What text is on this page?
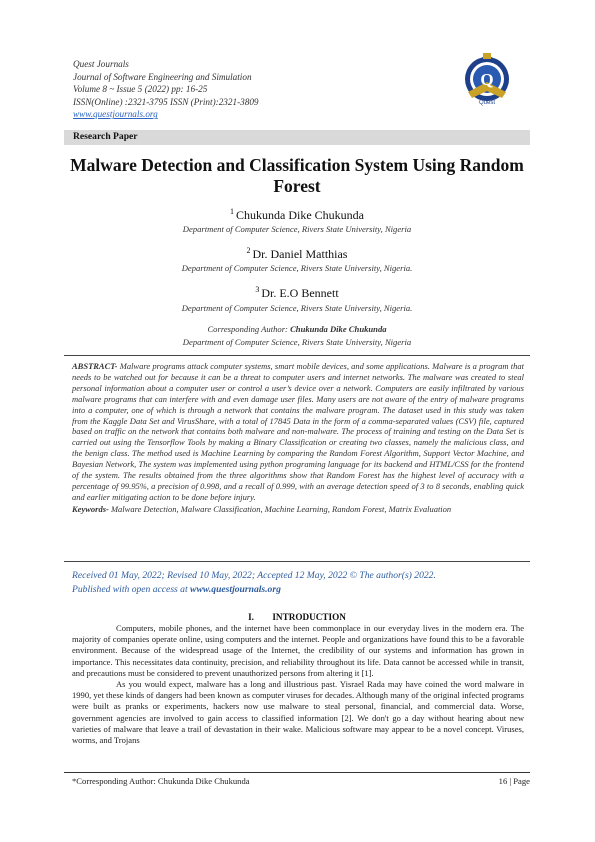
Quest Journals
Journal of Software Engineering and Simulation
Volume 8 ~ Issue 5 (2022) pp: 16-25
ISSN(Online) :2321-3795 ISSN (Print):2321-3809
www.questjournals.org
Q
Quest
Research Paper
Malware Detection and Classification System Using Random Forest
$^1$ Chukunda Dike Chukunda
Department of Computer Science, Rivers State University, Nigeria
$^2$ Dr. Daniel Matthias
Department of Computer Science, Rivers State University, Nigeria.
$^3$ Dr. E.O Bennett
Department of Computer Science, Rivers State University, Nigeria.
Corresponding Author: Chukunda Dike Chukunda
Department of Computer Science, Rivers State University, Nigeria
ABSTRACT- Malware programs attack computer systems, smart mobile devices, and some applications. Malware is a program that needs to be watched out for because it can be a threat to computer users and internet networks. The malware was created to steal personal information about a computer user or control a user’s device over a network. Computers are easily infiltrated by various malware programs that can interfere with and even damage user files. Many users are not aware of the entry of malware programs into a computer, one of which is through a network that contains the malware program. The dataset used in this study was taken from the Kaggle Data Set and VirusShare, with a total of 17845 Data in the form of a comma-separated values (CSV) file, captured based on traffic on the network that contains both malware and non-malware. The process of training and testing on the Data Set is carried out using the Tensorflow Tools by making a Binary Classification or creating two classes, namely the malicious class, and the benign class. The method used is Machine Learning by comparing the Random Forest Algorithm, Support Vector Machine, and Bayesian Network, The system was implemented using python programing language for its backend and HTML/CSS for the frontend of the system. The results obtained from the three algorithms show that Random Forest has the highest level of accuracy with a percentage of 99.95%, a precision of 0.998, and a recall of 0.999, with an average detection speed of 3 to 8 seconds, enabling quick and earlier mitigating action to be done before injury.
Keywords- Malware Detection, Malware Classification, Machine Learning, Random Forest, Matrix Evaluation
Received 01 May, 2022; Revised 10 May, 2022; Accepted 12 May, 2022 © The author(s) 2022.
Published with open access at www.questjournals.org
I. INTRODUCTION

Computers, mobile phones, and the internet have been commonplace in our everyday lives in the modern era. The majority of companies operate online, using computers and the internet. People and organizations have found this to be a favorable environment. Because of the widespread usage of the Internet, the credibility of our systems and information has grown in importance. This necessitates data continuity, precision, and reliability throughout its life. Data cannot be accessed while in transit, and precautions must be considered to prevent unauthorized persons from altering it [1].

As you would expect, malware has a long and illustrious past. Yisrael Rada may have coined the word malware in 1990, yet these kinds of dangers had been known as computer viruses for decades. Although many of the original infected programs were built as pranks or experiments, hackers now use malware to steal personal, financial, and commercial data. Worse, government agencies are involved to gain access to classified information [2]. We don't go a day without hearing about new varieties of malware that leave a trail of devastation in their wake. Malicious software may appear to be a novel concept. Viruses, worms, and Trojans

*Corresponding Author: Chukunda Dike Chukunda	16 | Page
